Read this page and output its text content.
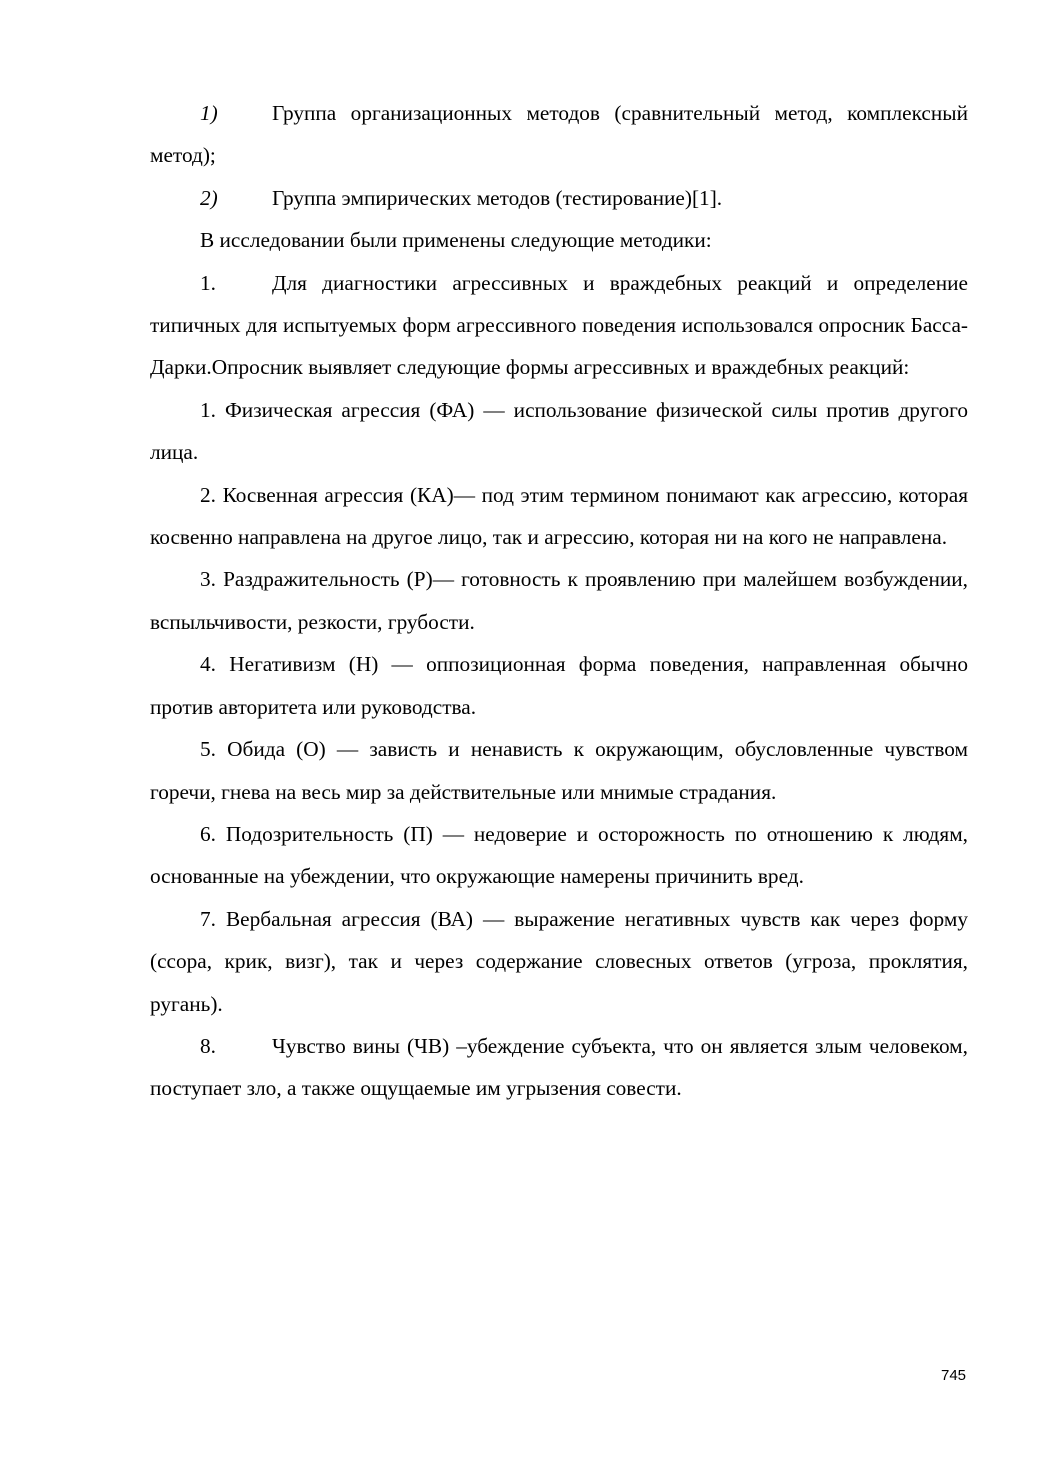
1)	Группа организационных методов (сравнительный метод, комплексный метод);

2)	Группа эмпирических методов (тестирование)[1].

В исследовании были применены следующие методики:

1.	Для диагностики агрессивных и враждебных реакций и определение типичных для испытуемых форм агрессивного поведения использовался опросник Басса-Дарки.Опросник выявляет следующие формы агрессивных и враждебных реакций:

1. Физическая агрессия (ФА) — использование физической силы против другого лица.

2. Косвенная агрессия (КА)— под этим термином понимают как агрессию, которая косвенно направлена на другое лицо, так и агрессию, которая ни на кого не направлена.

3. Раздражительность (Р)— готовность к проявлению при малейшем возбуждении, вспыльчивости, резкости, грубости.

4. Негативизм (Н) — оппозиционная форма поведения, направленная обычно против авторитета или руководства.

5. Обида (О) — зависть и ненависть к окружающим, обусловленные чувством горечи, гнева на весь мир за действительные или мнимые страдания.

6. Подозрительность (П) — недоверие и осторожность по отношению к людям, основанные на убеждении, что окружающие намерены причинить вред.

7. Вербальная агрессия (ВА) — выражение негативных чувств как через форму (ссора, крик, визг), так и через содержание словесных ответов (угроза, проклятия, ругань).

8.	Чувство вины (ЧВ) –убеждение субъекта, что он является злым человеком, поступает зло, а также ощущаемые им угрызения совести.

745
